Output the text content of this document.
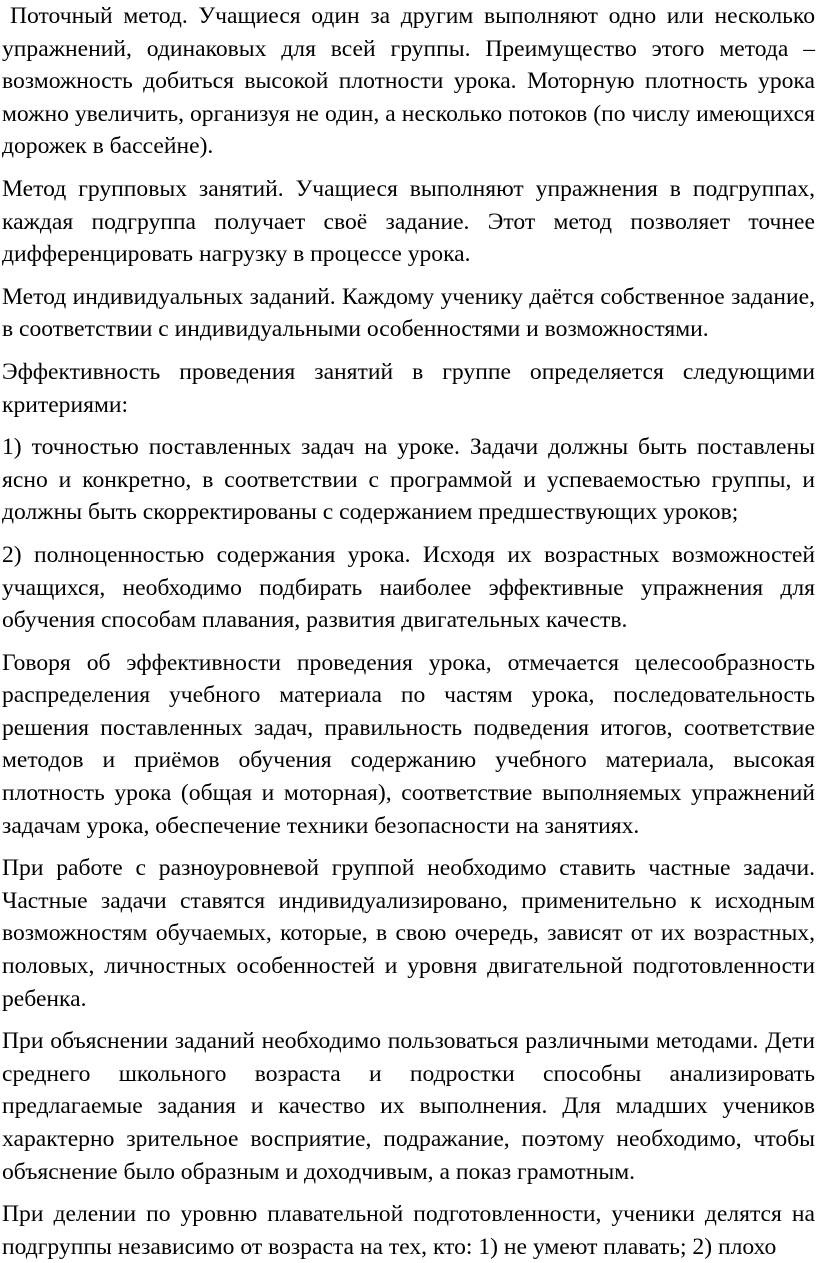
Поточный метод. Учащиеся один за другим выполняют одно или несколько упражнений, одинаковых для всей группы. Преимущество этого метода – возможность добиться высокой плотности урока. Моторную плотность урока можно увеличить, организуя не один, а несколько потоков (по числу имеющихся дорожек в бассейне).

Метод групповых занятий. Учащиеся выполняют упражнения в подгруппах, каждая подгруппа получает своё задание. Этот метод позволяет точнее дифференцировать нагрузку в процессе урока.

Метод индивидуальных заданий. Каждому ученику даётся собственное задание, в соответствии с индивидуальными особенностями и возможностями.

Эффективность проведения занятий в группе определяется следующими критериями:

1) точностью поставленных задач на уроке. Задачи должны быть поставлены ясно и конкретно, в соответствии с программой и успеваемостью группы, и должны быть скорректированы с содержанием предшествующих уроков;

2) полноценностью содержания урока. Исходя их возрастных возможностей учащихся, необходимо подбирать наиболее эффективные упражнения для обучения способам плавания, развития двигательных качеств.

Говоря об эффективности проведения урока, отмечается целесообразность распределения учебного материала по частям урока, последовательность решения поставленных задач, правильность подведения итогов, соответствие методов и приёмов обучения содержанию учебного материала, высокая плотность урока (общая и моторная), соответствие выполняемых упражнений задачам урока, обеспечение техники безопасности на занятиях.

При работе с разноуровневой группой необходимо ставить частные задачи. Частные задачи ставятся индивидуализировано, применительно к исходным возможностям обучаемых, которые, в свою очередь, зависят от их возрастных, половых, личностных особенностей и уровня двигательной подготовленности ребенка.

При объяснении заданий необходимо пользоваться различными методами. Дети среднего школьного возраста и подростки способны анализировать предлагаемые задания и качество их выполнения. Для младших учеников характерно зрительное восприятие, подражание, поэтому необходимо, чтобы объяснение было образным и доходчивым, а показ грамотным.

При делении по уровню плавательной подготовленности, ученики делятся на подгруппы независимо от возраста на тех, кто: 1) не умеют плавать; 2) плохо
